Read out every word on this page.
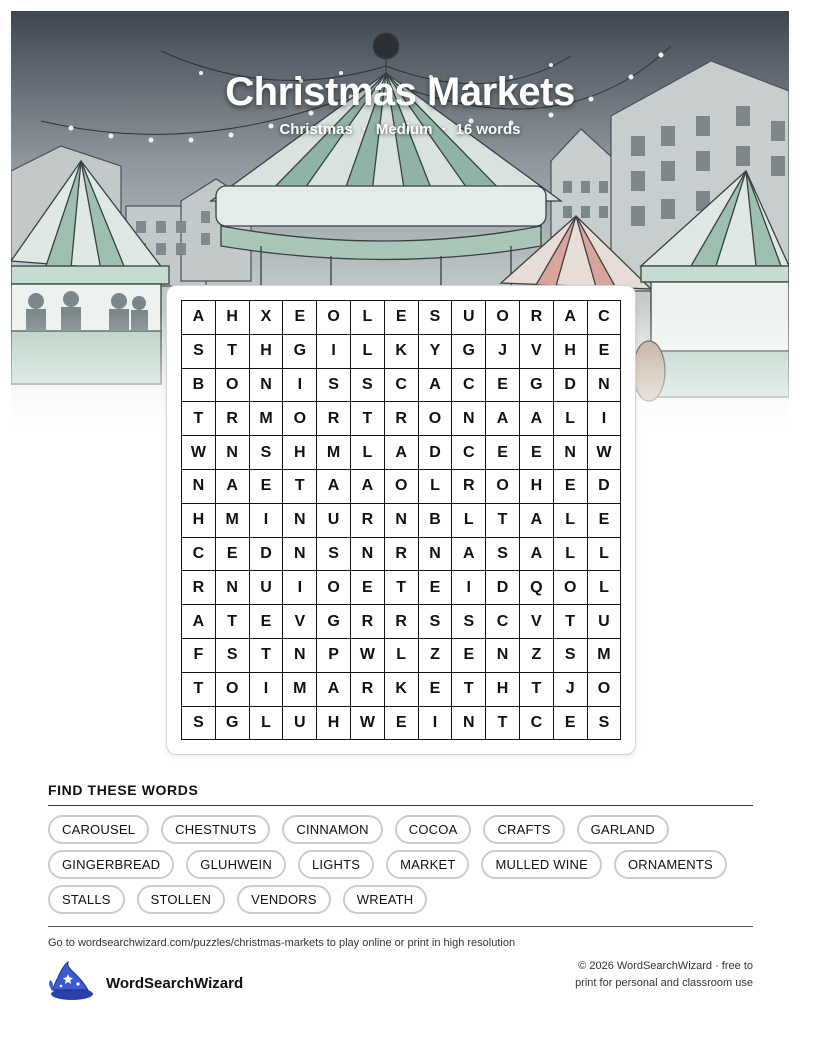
Christmas Markets
Christmas · Medium · 16 words
A	H	X	E	O	L	E	S	U	O	R	A	C
S	T	H	G	I	L	K	Y	G	J	V	H	E
B	O	N	I	S	S	C	A	C	E	G	D	N
T	R	M	O	R	T	R	O	N	A	A	L	I
W	N	S	H	M	L	A	D	C	E	E	N	W
N	A	E	T	A	A	O	L	R	O	H	E	D
H	M	I	N	U	R	N	B	L	T	A	L	E
C	E	D	N	S	N	R	N	A	S	A	L	L
R	N	U	I	O	E	T	E	I	D	Q	O	L
A	T	E	V	G	R	R	S	S	C	V	T	U
F	S	T	N	P	W	L	Z	E	N	Z	S	M
T	O	I	M	A	R	K	E	T	H	T	J	O
S	G	L	U	H	W	E	I	N	T	C	E	S
FIND THESE WORDS
CAROUSEL	CHESTNUTS	CINNAMON	COCOA	CRAFTS	GARLAND
GINGERBREAD	GLUHWEIN	LIGHTS	MARKET	MULLED WINE	ORNAMENTS
STALLS	STOLLEN	VENDORS	WREATH
Go to wordsearchwizard.com/puzzles/christmas-markets to play online or print in high resolution
WordSearchWizard
© 2026 WordSearchWizard · free to print for personal and classroom use
